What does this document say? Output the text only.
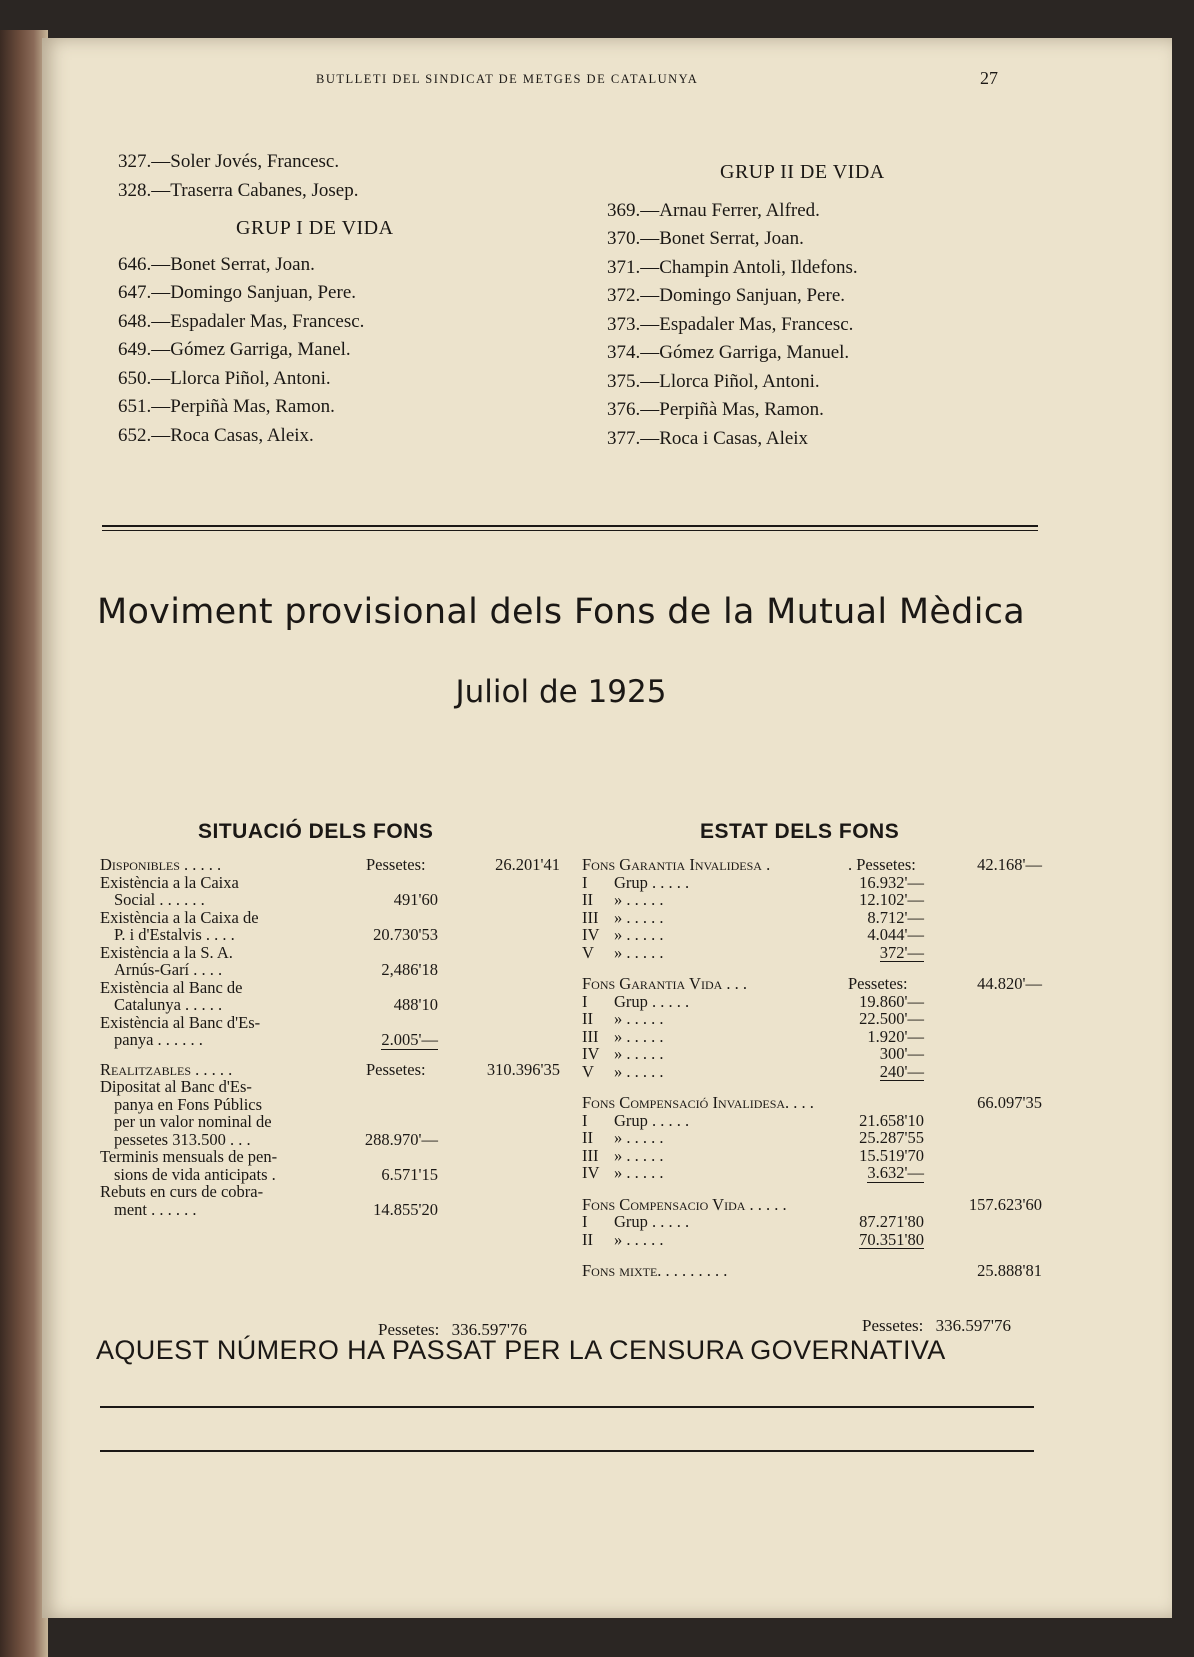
BUTLLETI DEL SINDICAT DE METGES DE CATALUNYA	27
327.—Soler Jovés, Francesc.
328.—Traserra Cabanes, Josep.
GRUP I DE VIDA
646.—Bonet Serrat, Joan.
647.—Domingo Sanjuan, Pere.
648.—Espadaler Mas, Francesc.
649.—Gómez Garriga, Manel.
650.—Llorca Piñol, Antoni.
651.—Perpiñà Mas, Ramon.
652.—Roca Casas, Aleix.
GRUP II DE VIDA
369.—Arnau Ferrer, Alfred.
370.—Bonet Serrat, Joan.
371.—Champin Antoli, Ildefons.
372.—Domingo Sanjuan, Pere.
373.—Espadaler Mas, Francesc.
374.—Gómez Garriga, Manuel.
375.—Llorca Piñol, Antoni.
376.—Perpiñà Mas, Ramon.
377.—Roca i Casas, Aleix
Moviment provisional dels Fons de la Mutual Mèdica
Juliol de 1925
SITUACIÓ DELS FONS	ESTAT DELS FONS
Disponibles . . . . .	Pessetes:	26.201'41
Existència a la Caixa
Social . . . . . .	491'60
Existència a la Caixa de
P. i d'Estalvis . . . .	20.730'53
Existència a la S. A.
Arnús-Garí . . . .	2,486'18
Existència al Banc de
Catalunya . . . . .	488'10
Existència al Banc d'Es-
panya . . . . . .	2.005'—
Realitzables . . . . .	Pessetes:	310.396'35
Dipositat al Banc d'Es-
panya en Fons Públics
per un valor nominal de
pessetes 313.500 . . .	288.970'—
Terminis mensuals de pen-
sions de vida anticipats .	6.571'15
Rebuts en curs de cobra-
ment . . . . . .	14.855'20
Pessetes: 336.597'76
Fons Garantia Invalidesa .	. Pessetes:	42.168'—
I Grup . . . . .	16.932'—
II » . . . . .	12.102'—
III » . . . . .	8.712'—
IV » . . . . .	4.044'—
V » . . . . .	372'—
Fons Garantia Vida . . .	Pessetes:	44.820'—
I Grup . . . . .	19.860'—
II » . . . . .	22.500'—
III » . . . . .	1.920'—
IV » . . . . .	300'—
V » . . . . .	240'—
Fons Compensació Invalidesa. . . .	66.097'35
I Grup . . . . .	21.658'10
II » . . . . .	25.287'55
III » . . . . .	15.519'70
IV » . . . . .	3.632'—
Fons Compensacio Vida . . . . .	157.623'60
I Grup . . . . .	87.271'80
II » . . . . .	70.351'80
Fons mixte. . . . . . . . .	25.888'81
Pessetes: 336.597'76
AQUEST NÚMERO HA PASSAT PER LA CENSURA GOVERNATIVA
